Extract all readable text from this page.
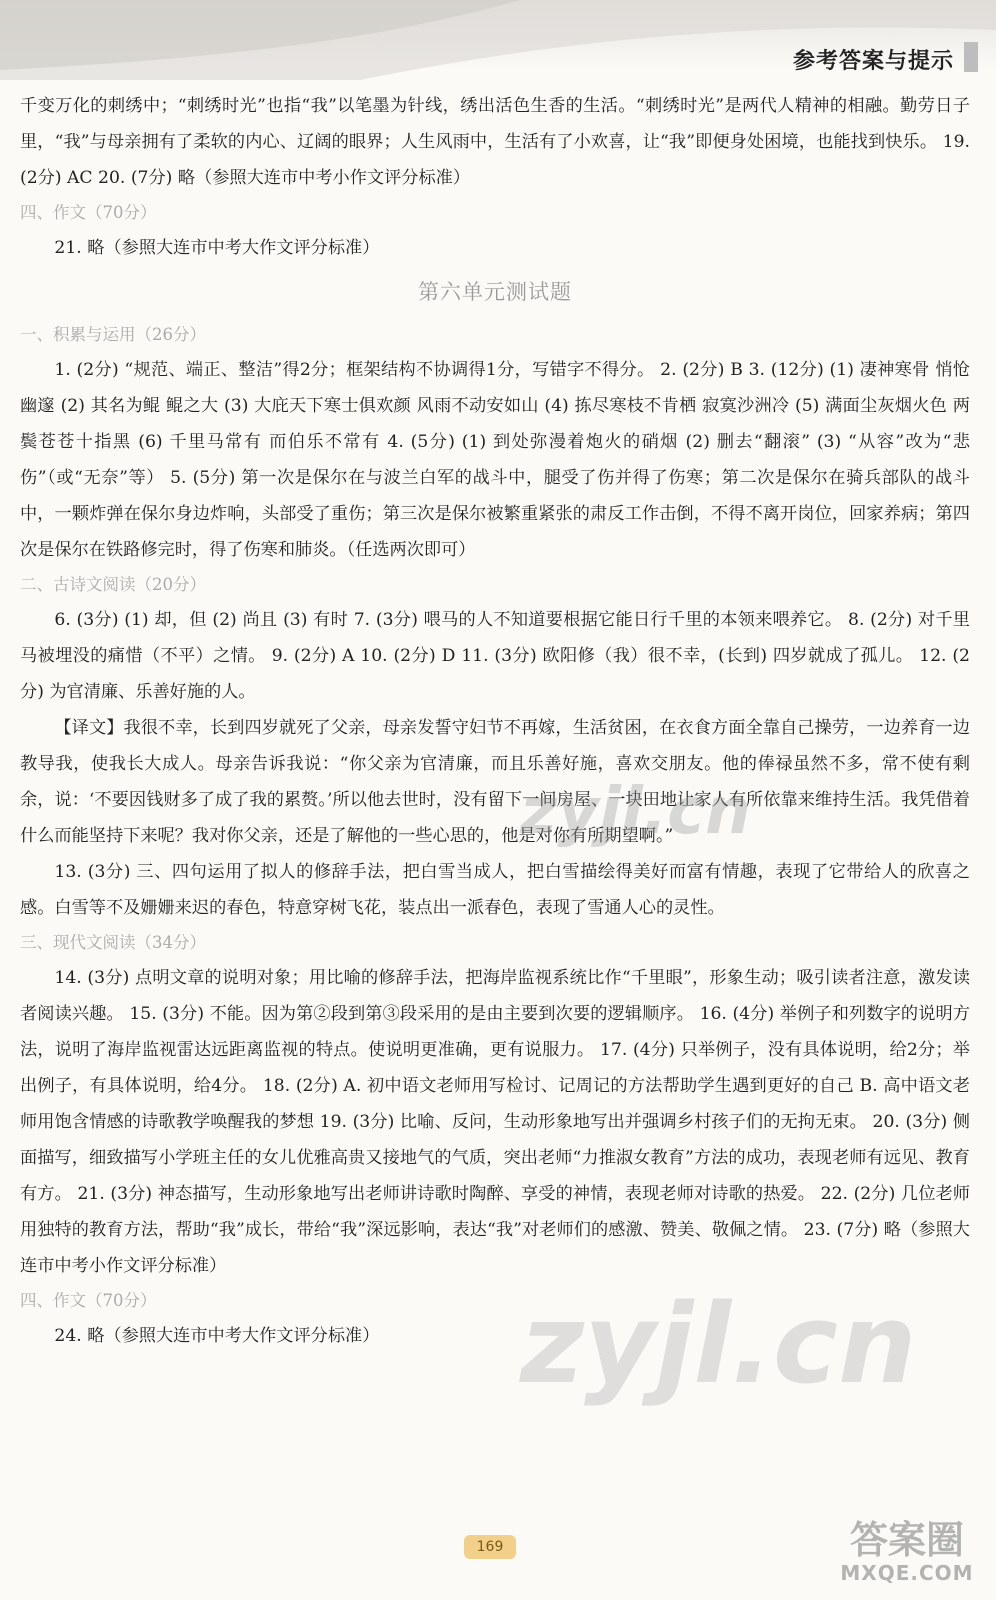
参考答案与提示

千变万化的刺绣中；“刺绣时光”也指“我”以笔墨为针线，绣出活色生香的生活。“刺绣时光”是两代人精神的相融。勤劳日子里，“我”与母亲拥有了柔软的内心、辽阔的眼界；人生风雨中，生活有了小欢喜，让“我”即便身处困境，也能找到快乐。 19. (2分) AC 20. (7分) 略（参照大连市中考小作文评分标准）

四、作文（70分）

21. 略（参照大连市中考大作文评分标准）

第六单元测试题

一、积累与运用（26分）

1. (2分) “规范、端正、整洁”得2分；框架结构不协调得1分，写错字不得分。 2. (2分) B 3. (12分) (1) 凄神寒骨 悄怆幽邃 (2) 其名为鲲 鲲之大 (3) 大庇天下寒士俱欢颜 风雨不动安如山 (4) 拣尽寒枝不肯栖 寂寞沙洲冷 (5) 满面尘灰烟火色 两鬓苍苍十指黑 (6) 千里马常有 而伯乐不常有 4. (5分) (1) 到处弥漫着炮火的硝烟 (2) 删去“翻滚” (3) “从容”改为“悲伤”（或“无奈”等） 5. (5分) 第一次是保尔在与波兰白军的战斗中，腿受了伤并得了伤寒；第二次是保尔在骑兵部队的战斗中，一颗炸弹在保尔身边炸响，头部受了重伤；第三次是保尔被繁重紧张的肃反工作击倒，不得不离开岗位，回家养病；第四次是保尔在铁路修完时，得了伤寒和肺炎。（任选两次即可）

二、古诗文阅读（20分）

6. (3分) (1) 却，但 (2) 尚且 (3) 有时 7. (3分) 喂马的人不知道要根据它能日行千里的本领来喂养它。 8. (2分) 对千里马被埋没的痛惜（不平）之情。 9. (2分) A 10. (2分) D 11. (3分) 欧阳修（我）很不幸，(长到) 四岁就成了孤儿。 12. (2分) 为官清廉、乐善好施的人。

【译文】我很不幸，长到四岁就死了父亲，母亲发誓守妇节不再嫁，生活贫困，在衣食方面全靠自己操劳，一边养育一边教导我，使我长大成人。母亲告诉我说：“你父亲为官清廉，而且乐善好施，喜欢交朋友。他的俸禄虽然不多，常不使有剩余，说：‘不要因钱财多了成了我的累赘。’所以他去世时，没有留下一间房屋、一块田地让家人有所依靠来维持生活。我凭借着什么而能坚持下来呢？我对你父亲，还是了解他的一些心思的，他是对你有所期望啊。”

13. (3分) 三、四句运用了拟人的修辞手法，把白雪当成人，把白雪描绘得美好而富有情趣，表现了它带给人的欣喜之感。白雪等不及姗姗来迟的春色，特意穿树飞花，装点出一派春色，表现了雪通人心的灵性。

三、现代文阅读（34分）

14. (3分) 点明文章的说明对象；用比喻的修辞手法，把海岸监视系统比作“千里眼”，形象生动；吸引读者注意，激发读者阅读兴趣。 15. (3分) 不能。因为第②段到第③段采用的是由主要到次要的逻辑顺序。 16. (4分) 举例子和列数字的说明方法，说明了海岸监视雷达远距离监视的特点。使说明更准确，更有说服力。 17. (4分) 只举例子，没有具体说明，给2分；举出例子，有具体说明，给4分。 18. (2分) A. 初中语文老师用写检讨、记周记的方法帮助学生遇到更好的自己 B. 高中语文老师用饱含情感的诗歌教学唤醒我的梦想 19. (3分) 比喻、反问，生动形象地写出并强调乡村孩子们的无拘无束。 20. (3分) 侧面描写，细致描写小学班主任的女儿优雅高贵又接地气的气质，突出老师“力推淑女教育”方法的成功，表现老师有远见、教育有方。 21. (3分) 神态描写，生动形象地写出老师讲诗歌时陶醉、享受的神情，表现老师对诗歌的热爱。 22. (2分) 几位老师用独特的教育方法，帮助“我”成长，带给“我”深远影响，表达“我”对老师们的感激、赞美、敬佩之情。 23. (7分) 略（参照大连市中考小作文评分标准）

四、作文（70分）

24. 略（参照大连市中考大作文评分标准）

zyjl.cn
zyjl.cn
169	答案圈
MXQE.COM
